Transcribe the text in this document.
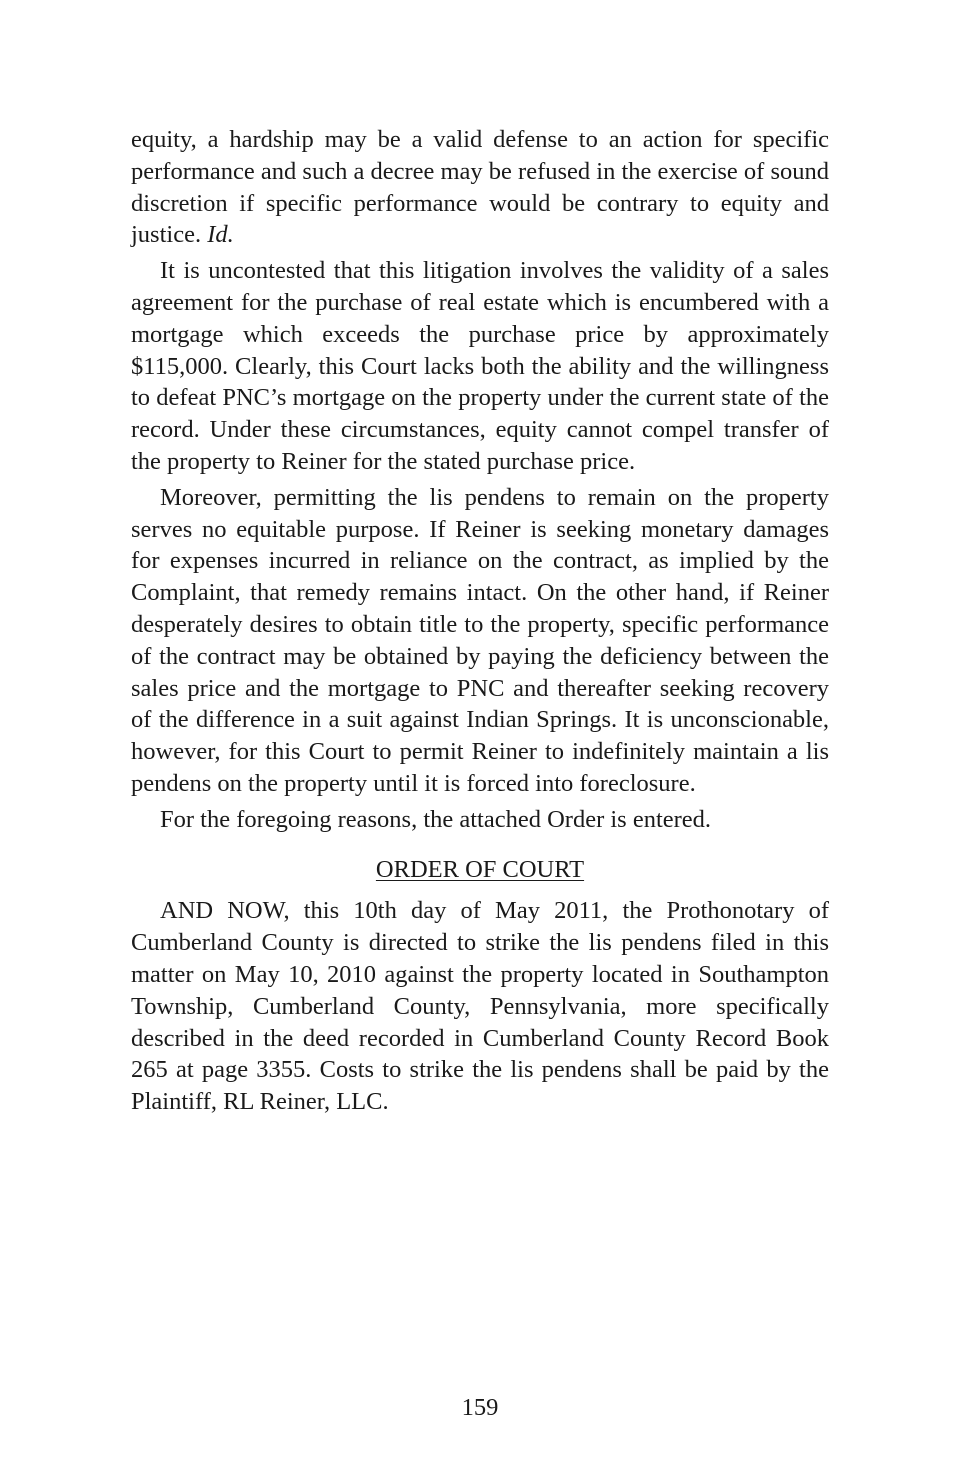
equity, a hardship may be a valid defense to an action for specific performance and such a decree may be refused in the exercise of sound discretion if specific performance would be contrary to equity and justice. Id.

It is uncontested that this litigation involves the validity of a sales agreement for the purchase of real estate which is encumbered with a mortgage which exceeds the purchase price by approximately $115,000. Clearly, this Court lacks both the ability and the willingness to defeat PNC’s mortgage on the property under the current state of the record. Under these circumstances, equity cannot compel transfer of the property to Reiner for the stated purchase price.

Moreover, permitting the lis pendens to remain on the property serves no equitable purpose. If Reiner is seeking monetary damages for expenses incurred in reliance on the contract, as implied by the Complaint, that remedy remains intact. On the other hand, if Reiner desperately desires to obtain title to the property, specific performance of the contract may be obtained by paying the deficiency between the sales price and the mortgage to PNC and thereafter seeking recovery of the difference in a suit against Indian Springs. It is unconscionable, however, for this Court to permit Reiner to indefinitely maintain a lis pendens on the property until it is forced into foreclosure.

For the foregoing reasons, the attached Order is entered.

ORDER OF COURT

AND NOW, this 10th day of May 2011, the Prothonotary of Cumberland County is directed to strike the lis pendens filed in this matter on May 10, 2010 against the property located in Southampton Township, Cumberland County, Pennsylvania, more specifically described in the deed recorded in Cumberland County Record Book 265 at page 3355. Costs to strike the lis pendens shall be paid by the Plaintiff, RL Reiner, LLC.

159
